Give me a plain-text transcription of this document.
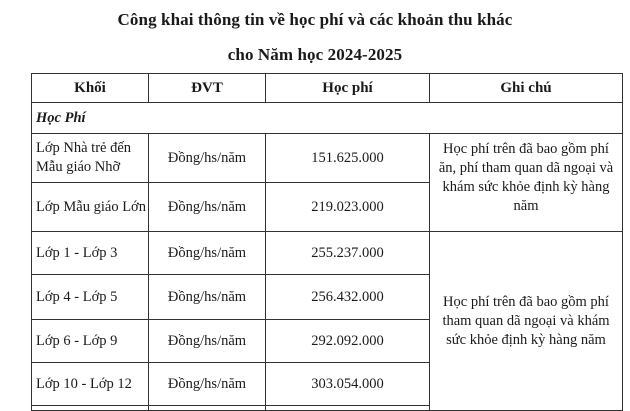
Công khai thông tin về học phí và các khoản thu khác
cho Năm học 2024-2025
Khối	ĐVT	Học phí	Ghi chú
Học Phí			
Lớp Nhà trẻ đến Mẫu giáo Nhỡ	Đồng/hs/năm	151.625.000	Học phí trên đã bao gồm phí ăn, phí tham quan dã ngoại và khám sức khỏe định kỳ hàng năm
Lớp Mẫu giáo Lớn	Đồng/hs/năm	219.023.000	
Lớp 1 - Lớp 3	Đồng/hs/năm	255.237.000	Học phí trên đã bao gồm phí tham quan dã ngoại và khám sức khỏe định kỳ hàng năm
Lớp 4 - Lớp 5	Đồng/hs/năm	256.432.000	
Lớp 6 - Lớp 9	Đồng/hs/năm	292.092.000	
Lớp 10 - Lớp 12	Đồng/hs/năm	303.054.000	
